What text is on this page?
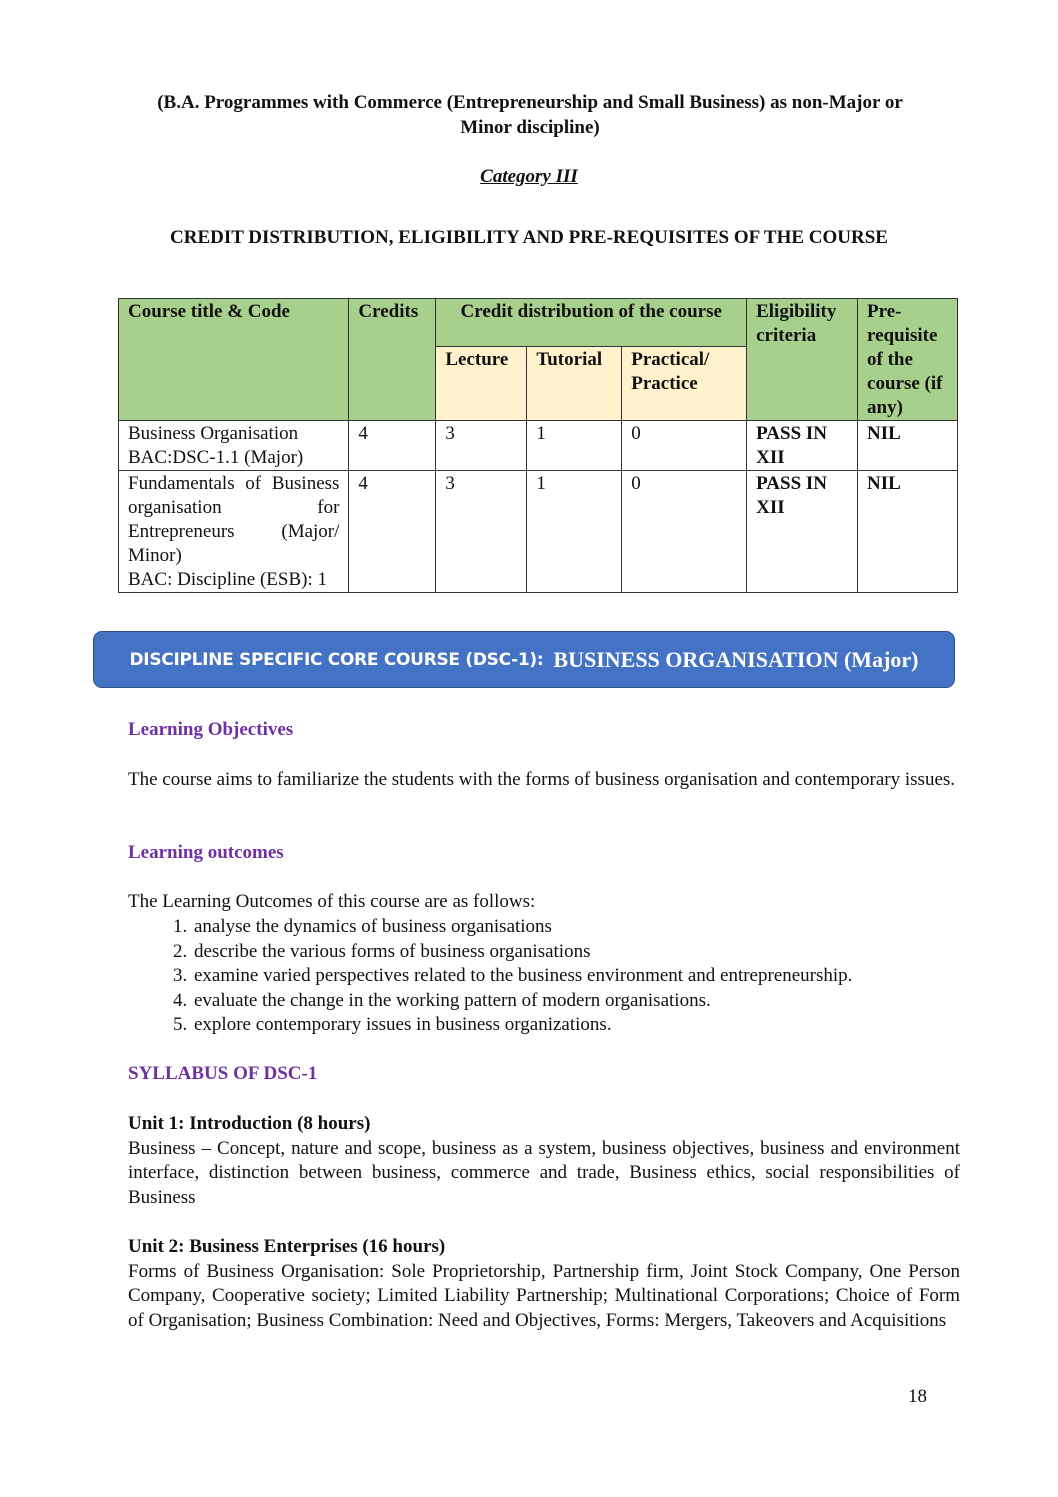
(B.A. Programmes with Commerce (Entrepreneurship and Small Business) as non-Major or Minor discipline)
Category III
CREDIT DISTRIBUTION, ELIGIBILITY AND PRE-REQUISITES OF THE COURSE
Course title & Code	Credits	Credit distribution of the course			Eligibility criteria	Pre-requisite of the course (if any)
		Lecture	Tutorial	Practical/ Practice		
Business Organisation
BAC:DSC-1.1 (Major)	4	3	1	0	PASS IN XII	NIL

Fundamentals of Business organisation for Entrepreneurs (Major/ Minor)
BAC: Discipline (ESB): 1	4	3	1	0	PASS IN XII	NIL
DISCIPLINE SPECIFIC CORE COURSE (DSC-1): BUSINESS ORGANISATION (Major)
Learning Objectives
The course aims to familiarize the students with the forms of business organisation and contemporary issues.
Learning outcomes
The Learning Outcomes of this course are as follows:
1. analyse the dynamics of business organisations
2. describe the various forms of business organisations
3. examine varied perspectives related to the business environment and entrepreneurship.
4. evaluate the change in the working pattern of modern organisations.
5. explore contemporary issues in business organizations.
SYLLABUS OF DSC-1
Unit 1: Introduction (8 hours)
Business – Concept, nature and scope, business as a system, business objectives, business and environment interface, distinction between business, commerce and trade, Business ethics, social responsibilities of Business
Unit 2: Business Enterprises (16 hours)
Forms of Business Organisation: Sole Proprietorship, Partnership firm, Joint Stock Company, One Person Company, Cooperative society; Limited Liability Partnership; Multinational Corporations; Choice of Form of Organisation; Business Combination: Need and Objectives, Forms: Mergers, Takeovers and Acquisitions
18
